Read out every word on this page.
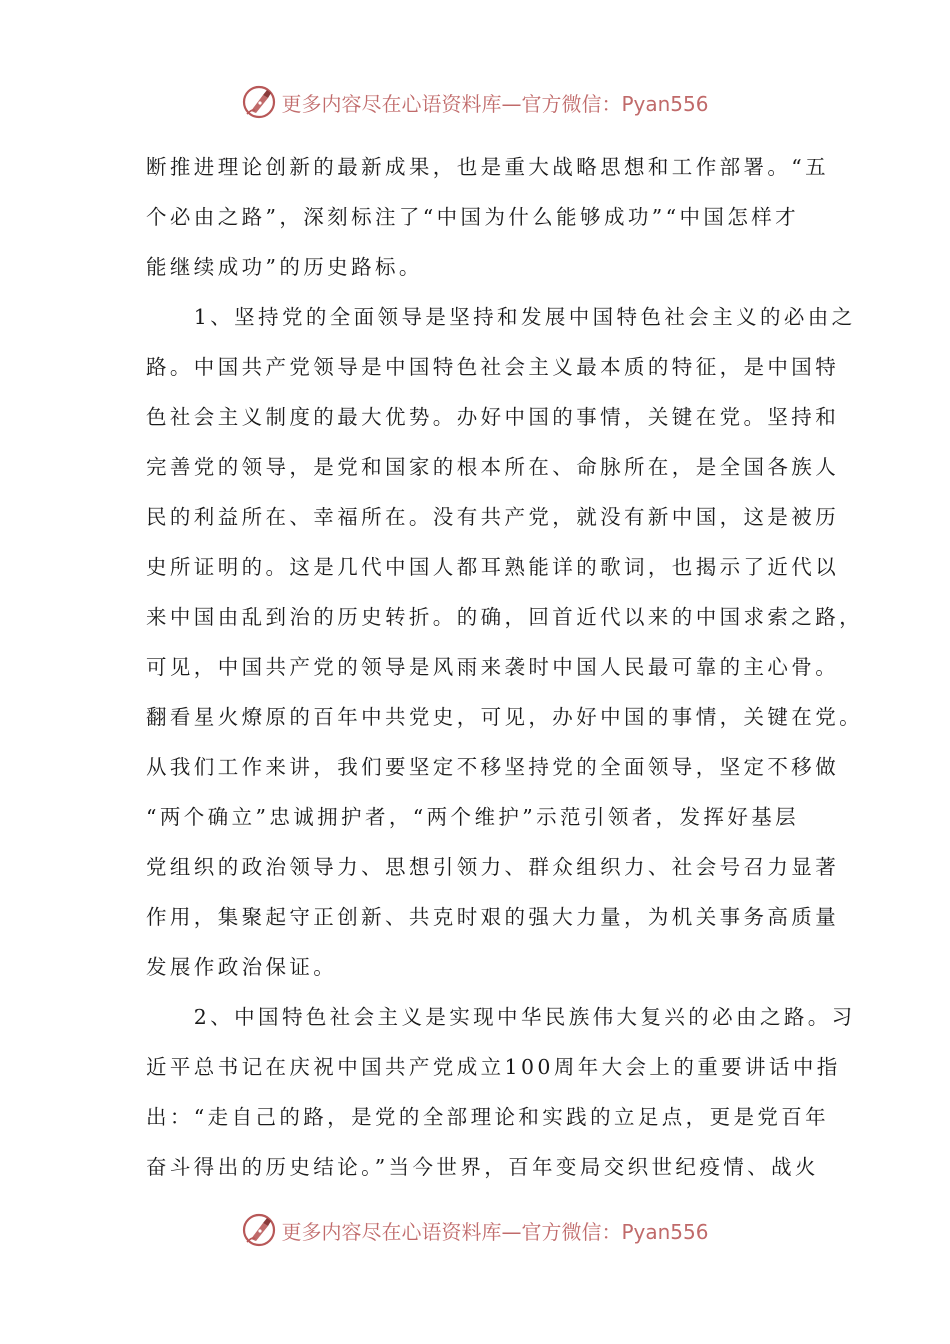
更多内容尽在心语资料库—官方微信：Pyan556
断推进理论创新的最新成果，也是重大战略思想和工作部署。“五
个必由之路”，深刻标注了“中国为什么能够成功”“中国怎样才
能继续成功”的历史路标。
　　1、坚持党的全面领导是坚持和发展中国特色社会主义的必由之
路。中国共产党领导是中国特色社会主义最本质的特征，是中国特
色社会主义制度的最大优势。办好中国的事情，关键在党。坚持和
完善党的领导，是党和国家的根本所在、命脉所在，是全国各族人
民的利益所在、幸福所在。没有共产党，就没有新中国，这是被历
史所证明的。这是几代中国人都耳熟能详的歌词，也揭示了近代以
来中国由乱到治的历史转折。的确，回首近代以来的中国求索之路，
可见，中国共产党的领导是风雨来袭时中国人民最可靠的主心骨。
翻看星火燎原的百年中共党史，可见，办好中国的事情，关键在党。
从我们工作来讲，我们要坚定不移坚持党的全面领导，坚定不移做
“两个确立”忠诚拥护者，“两个维护”示范引领者，发挥好基层
党组织的政治领导力、思想引领力、群众组织力、社会号召力显著
作用，集聚起守正创新、共克时艰的强大力量，为机关事务高质量
发展作政治保证。
　　2、中国特色社会主义是实现中华民族伟大复兴的必由之路。习
近平总书记在庆祝中国共产党成立100周年大会上的重要讲话中指
出：“走自己的路，是党的全部理论和实践的立足点，更是党百年
奋斗得出的历史结论。”当今世界，百年变局交织世纪疫情、战火
更多内容尽在心语资料库—官方微信：Pyan556
